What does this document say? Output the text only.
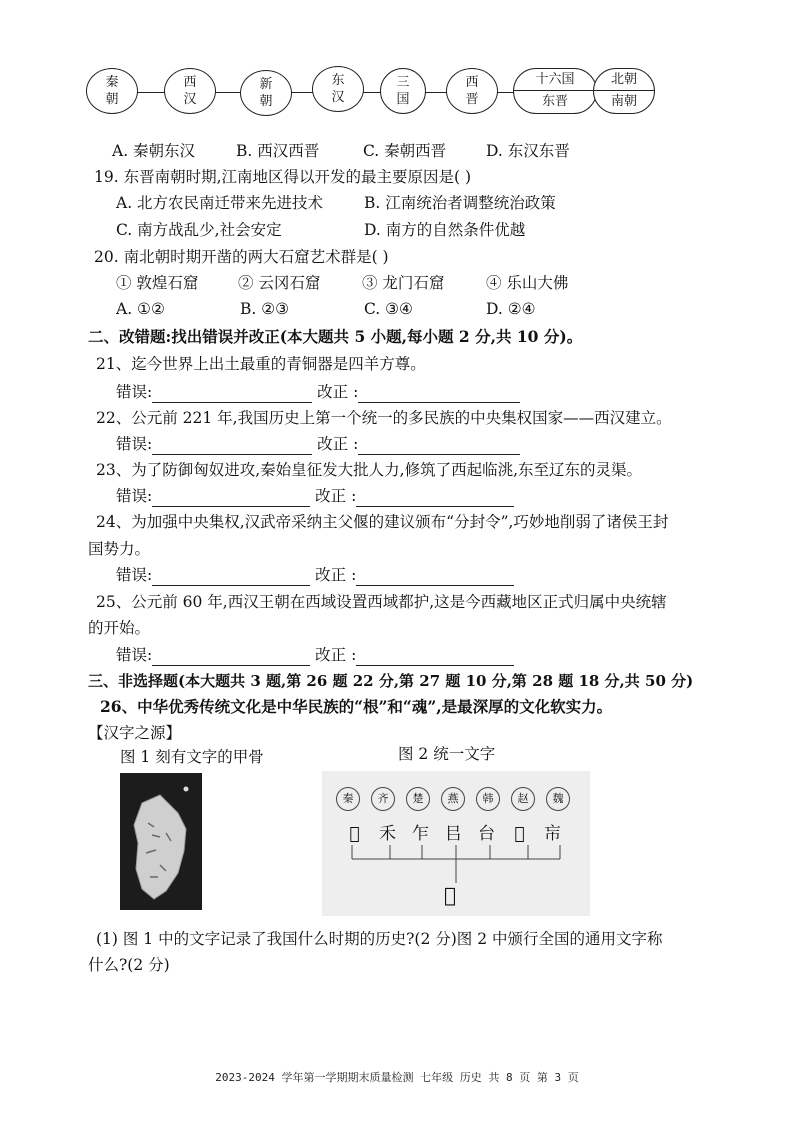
秦
朝
西
汉
新
朝
东
汉
三
国
西
晋
十六国
东晋
北朝
南朝
A. 秦朝东汉	B. 西汉西晋	C. 秦朝西晋	D. 东汉东晋
19. 东晋南朝时期,江南地区得以开发的最主要原因是( )
A. 北方农民南迁带来先进技术	B. 江南统治者调整统治政策
C. 南方战乱少,社会安定	D. 南方的自然条件优越
20. 南北朝时期开凿的两大石窟艺术群是( )
① 敦煌石窟	② 云冈石窟	③ 龙门石窟	④ 乐山大佛
A. ①②	B. ②③	C. ③④	D. ②④
二、改错题:找出错误并改正(本大题共 5 小题,每小题 2 分,共 10 分)。
21、迄今世界上出土最重的青铜器是四羊方尊。
错误:	改正 :
22、公元前 221 年,我国历史上第一个统一的多民族的中央集权国家——西汉建立。
错误:	改正 :
23、为了防御匈奴进攻,秦始皇征发大批人力,修筑了西起临洮,东至辽东的灵渠。
错误:	改正 :
24、为加强中央集权,汉武帝采纳主父偃的建议颁布“分封令”,巧妙地削弱了诸侯王封
国势力。
错误:	改正 :
25、公元前 60 年,西汉王朝在西域设置西域都护,这是今西藏地区正式归属中央统辖
的开始。
错误:	改正 :
三、非选择题(本大题共 3 题,第 26 题 22 分,第 27 题 10 分,第 28 题 18 分,共 50 分)
26、中华优秀传统文化是中华民族的“根”和“魂”,是最深厚的文化软实力。
【汉字之源】
图 1 刻有文字的甲骨	图 2 统一文字
秦 齐 楚 燕 韩 赵 魏
𫝀 禾 乍 㠯 台 𡉈 㠵
𫝀
(1) 图 1 中的文字记录了我国什么时期的历史?(2 分)图 2 中颁行全国的通用文字称
什么?(2 分)
2023-2024 学年第一学期期末质量检测 七年级 历史 共 8 页 第 3 页
